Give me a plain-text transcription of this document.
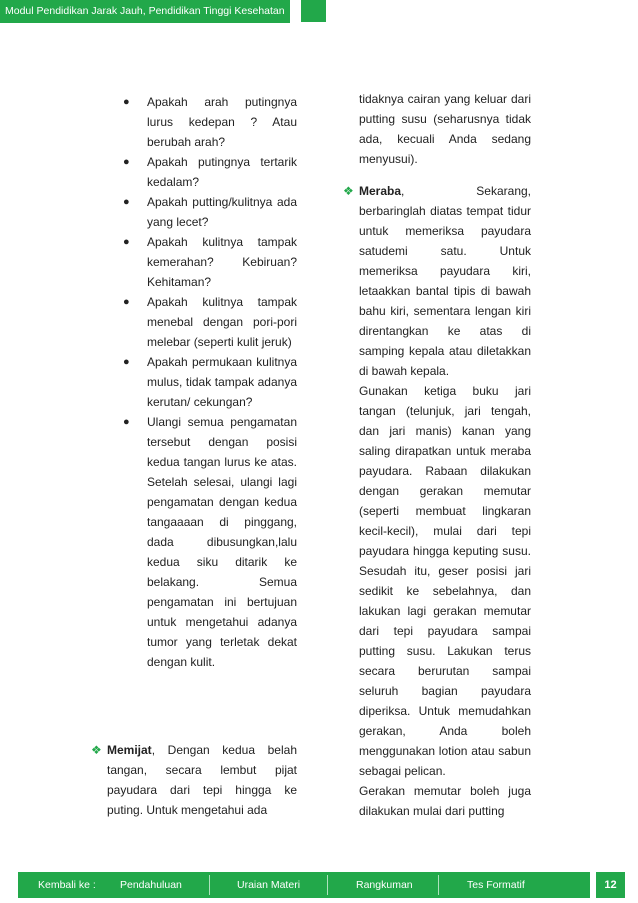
Modul Pendidikan Jarak Jauh, Pendidikan Tinggi Kesehatan
● Apakah arah putingnya lurus kedepan ? Atau berubah arah?
● Apakah putingnya tertarik kedalam?
● Apakah putting/kulitnya ada yang lecet?
● Apakah kulitnya tampak kemerahan? Kebiruan? Kehitaman?
● Apakah kulitnya tampak menebal dengan pori-pori melebar (seperti kulit jeruk)
● Apakah permukaan kulitnya mulus, tidak tampak adanya kerutan/ cekungan?
● Ulangi semua pengamatan tersebut dengan posisi kedua tangan lurus ke atas. Setelah selesai, ulangi lagi pengamatan dengan kedua tangaaaan di pinggang, dada dibusungkan,lalu kedua siku ditarik ke belakang. Semua pengamatan ini bertujuan untuk mengetahui adanya tumor yang terletak dekat dengan kulit.
❖ Memijat, Dengan kedua belah tangan, secara lembut pijat payudara dari tepi hingga ke puting. Untuk mengetahui ada
tidaknya cairan yang keluar dari putting susu (seharusnya tidak ada, kecuali Anda sedang menyusui).
❖ Meraba, Sekarang, berbaringlah diatas tempat tidur untuk memeriksa payudara satudemi satu. Untuk memeriksa payudara kiri, letaakkan bantal tipis di bawah bahu kiri, sementara lengan kiri direntangkan ke atas di samping kepala atau diletakkan di bawah kepala.
Gunakan ketiga buku jari tangan (telunjuk, jari tengah, dan jari manis) kanan yang saling dirapatkan untuk meraba payudara. Rabaan dilakukan dengan gerakan memutar (seperti membuat lingkaran kecil-kecil), mulai dari tepi payudara hingga keputing susu. Sesudah itu, geser posisi jari sedikit ke sebelahnya, dan lakukan lagi gerakan memutar dari tepi payudara sampai putting susu. Lakukan terus secara berurutan sampai seluruh bagian payudara diperiksa. Untuk memudahkan gerakan, Anda boleh menggunakan lotion atau sabun sebagai pelican.
Gerakan memutar boleh juga dilakukan mulai dari putting
Kembali ke : Pendahuluan	Uraian Materi	Rangkuman	Tes Formatif	12
